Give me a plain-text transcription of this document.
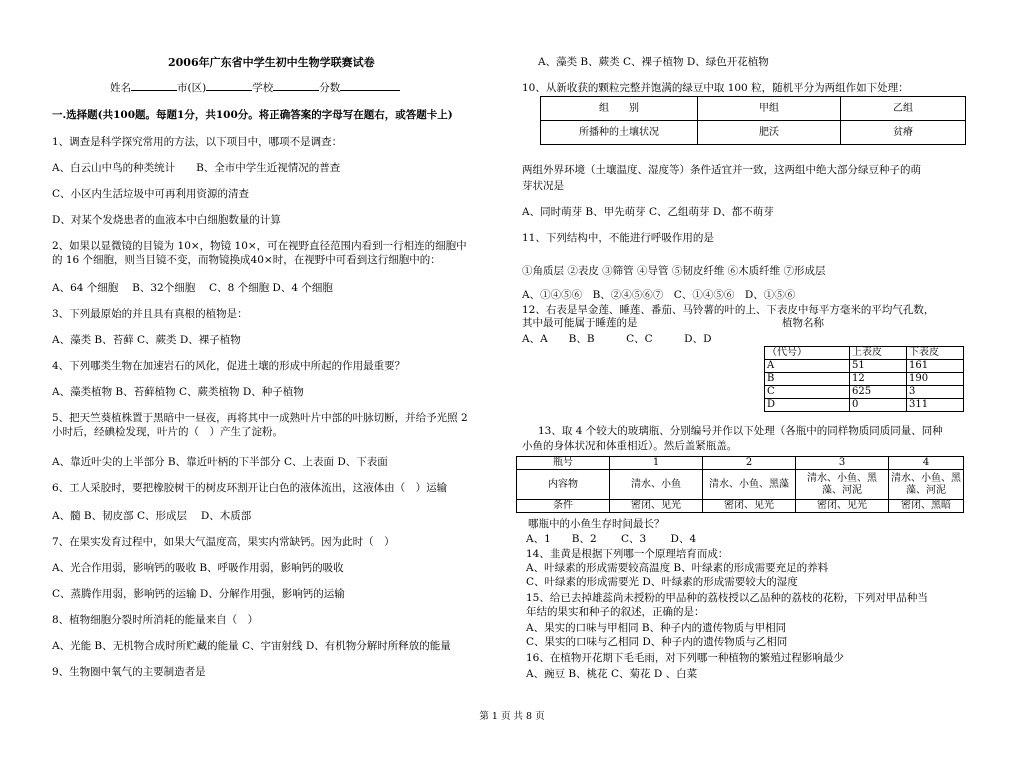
2006年广东省中学生初中生物学联赛试卷
姓名	市(区)	学校	分数
一.选择题(共100题。每题1分，共100分。将正确答案的字母写在题右，或答题卡上)
1、调查是科学探究常用的方法，以下项目中，哪项不是调查：
A、白云山中鸟的种类统计　　B、全市中学生近视情况的普查
C、小区内生活垃圾中可再利用资源的清查
D、对某个发烧患者的血液本中白细胞数量的计算
2、如果以显微镜的目镜为 10×，物镜 10×，可在视野直径范围内看到一行相连的细胞中
的 16 个细胞，则当目镜不变，而物镜换成40×时，在视野中可看到这行细胞中的：
A、64 个细胞　 B、32个细胞　 C、8 个细胞 D、4 个细胞
3、下列最原始的并且具有真根的植物是：
A、藻类 B、苔藓 C、蕨类 D、裸子植物
4、下列哪类生物在加速岩石的风化，促进土壤的形成中所起的作用最重要？
A、藻类植物 B、苔藓植物 C、蕨类植物 D、种子植物
5、把天竺葵植株置于黑暗中一昼夜，再将其中一成熟叶片中部的叶脉切断，并给予光照 2
小时后，经碘检发现，叶片的（　）产生了淀粉。
A、靠近叶尖的上半部分 B、靠近叶柄的下半部分 C、上表面 D、下表面
6、工人采胶时，要把橡胶树干的树皮环割开让白色的液体流出，这液体由（　）运输
A、髓 B、韧皮部 C、形成层　 D、木质部
7、在果实发育过程中，如果大气温度高，果实内常缺钙。因为此时（　）
A、光合作用弱，影响钙的吸收 B、呼吸作用弱，影响钙的吸收
C、蒸腾作用弱，影响钙的运输 D、分解作用强，影响钙的运输
8、植物细胞分裂时所消耗的能量来自（　）
A、光能 B、无机物合成时所贮藏的能量 C、宇宙射线 D、有机物分解时所释放的能量
9、生物圈中氧气的主要制造者是
A、藻类 B、蕨类 C、裸子植物 D、绿色开花植物
10、从新收获的颗粒完整并饱满的绿豆中取 100 粒，随机平分为两组作如下处理：
组　　别	甲组	乙组
所播种的土壤状况	肥沃	贫瘠
两组外界环境（土壤温度、湿度等）条件适宜并一致，这两组中绝大部分绿豆种子的萌
芽状况是
A、同时萌芽 B、甲先萌芽 C、乙组萌芽 D、都不萌芽
11、下列结构中，不能进行呼吸作用的是
①角质层 ②表皮 ③筛管 ④导管 ⑤韧皮纤维 ⑥木质纤维 ⑦形成层
A、①④⑤⑥　B、②④⑤⑥⑦　C、①④⑤⑥　D、①⑤⑥
12、右表是旱金莲、睡莲、番茄、马铃薯的叶的上、下表皮中每平方毫米的平均气孔数，
其中最可能属于睡莲的是	植物名称
A、A　　B、B　　　C、C　　　D、D
（代号）	上表皮	下表皮
A	51	161
B	12	190
C	625	3
D	0	311
13、取 4 个较大的玻璃瓶、分别编号并作以下处理（各瓶中的同样物质同质同量、同种
小鱼的身体状况和体重相近）。然后盖紧瓶盖。
瓶号	1	2	3	4
内容物	清水、小鱼	清水、小鱼、黑藻	清水、小鱼、黑藻、河泥	清水、小鱼、黑藻、河泥
条件	密闭、见光	密闭、见光	密闭、见光	密闭、黑暗
哪瓶中的小鱼生存时间最长？
A、1　　B、2　　 C、3　　 D、4
14、韭黄是根据下列哪一个原理培育而成：
A、叶绿素的形成需要较高温度 B、叶绿素的形成需要充足的养料
C、叶绿素的形成需要光 D、叶绿素的形成需要较大的湿度
15、给已去掉雄蕊尚未授粉的甲品种的荔枝授以乙品种的荔枝的花粉，下列对甲品种当
年结的果实和种子的叙述，正确的是：
A、果实的口味与甲相同 B、种子内的遗传物质与甲相同
C、果实的口味与乙相同 D、种子内的遗传物质与乙相同
16、在植物开花期下毛毛雨，对下列哪一种植物的繁殖过程影响最少
A、豌豆 B、桃花 C、菊花 D 、白菜
第 1 页 共 8 页
